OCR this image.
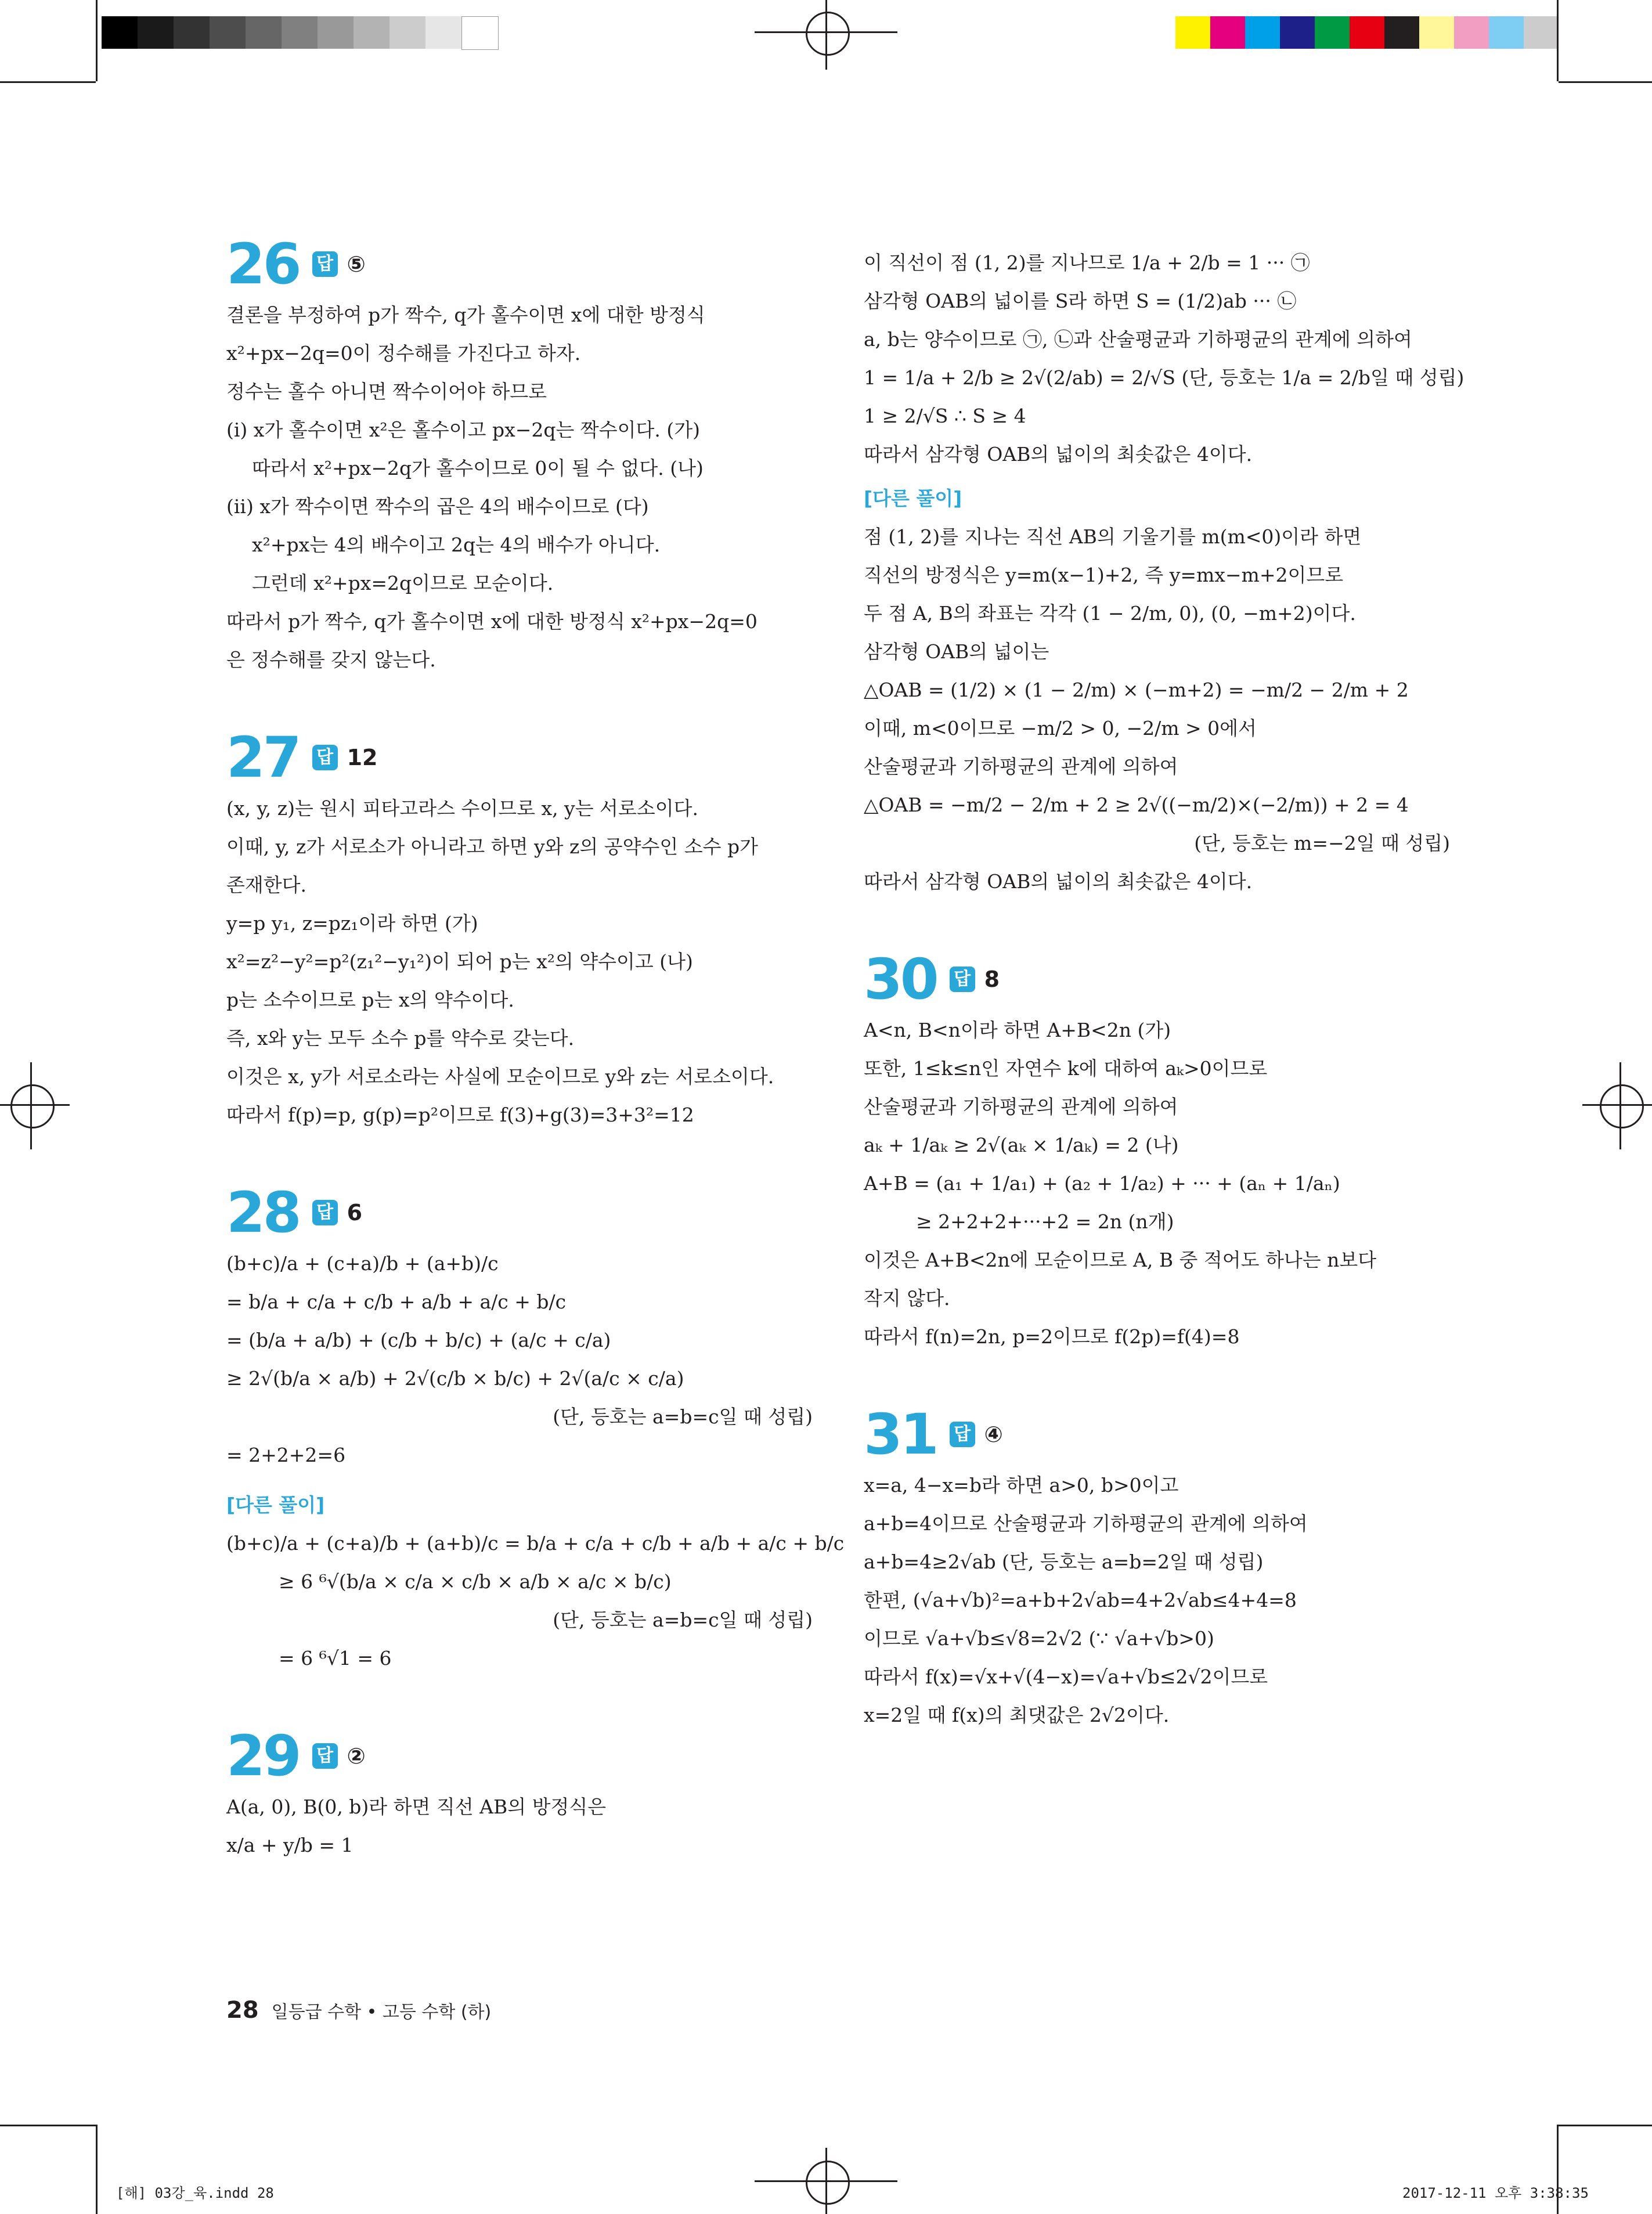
26 답 ⑤
결론을 부정하여 p가 짝수, q가 홀수이면 x에 대한 방정식
x²+px−2q=0이 정수해를 가진다고 하자.
정수는 홀수 아니면 짝수이어야 하므로
(i) x가 홀수이면 x²은 홀수이고 px−2q는 짝수이다. (가)
따라서 x²+px−2q가 홀수이므로 0이 될 수 없다. (나)
(ii) x가 짝수이면 짝수의 곱은 4의 배수이므로 (다)
x²+px는 4의 배수이고 2q는 4의 배수가 아니다.
그런데 x²+px=2q이므로 모순이다.
따라서 p가 짝수, q가 홀수이면 x에 대한 방정식 x²+px−2q=0
은 정수해를 갖지 않는다.
27 답 12
(x, y, z)는 원시 피타고라스 수이므로 x, y는 서로소이다.
이때, y, z가 서로소가 아니라고 하면 y와 z의 공약수인 소수 p가
존재한다.
y=p y₁, z=pz₁이라 하면 (가)
x²=z²−y²=p²(z₁²−y₁²)이 되어 p는 x²의 약수이고 (나)
p는 소수이므로 p는 x의 약수이다.
즉, x와 y는 모두 소수 p를 약수로 갖는다.
이것은 x, y가 서로소라는 사실에 모순이므로 y와 z는 서로소이다.
따라서 f(p)=p, g(p)=p²이므로 f(3)+g(3)=3+3²=12
28 답 6
(b+c)/a + (c+a)/b + (a+b)/c
= b/a + c/a + c/b + a/b + a/c + b/c
= (b/a + a/b) + (c/b + b/c) + (a/c + c/a)
≥ 2√(b/a × a/b) + 2√(c/b × b/c) + 2√(a/c × c/a)
(단, 등호는 a=b=c일 때 성립)
= 2+2+2=6
[다른 풀이]
(b+c)/a + (c+a)/b + (a+b)/c = b/a + c/a + c/b + a/b + a/c + b/c
≥ 6 ⁶√(b/a × c/a × c/b × a/b × a/c × b/c)
(단, 등호는 a=b=c일 때 성립)
= 6 ⁶√1 = 6
29 답 ②
A(a, 0), B(0, b)라 하면 직선 AB의 방정식은
x/a + y/b = 1
이 직선이 점 (1, 2)를 지나므로 1/a + 2/b = 1 ··· ㉠
삼각형 OAB의 넓이를 S라 하면 S = (1/2)ab ··· ㉡
a, b는 양수이므로 ㉠, ㉡과 산술평균과 기하평균의 관계에 의하여
1 = 1/a + 2/b ≥ 2√(2/ab) = 2/√S (단, 등호는 1/a = 2/b일 때 성립)
1 ≥ 2/√S ∴ S ≥ 4
따라서 삼각형 OAB의 넓이의 최솟값은 4이다.
[다른 풀이]
점 (1, 2)를 지나는 직선 AB의 기울기를 m(m<0)이라 하면
직선의 방정식은 y=m(x−1)+2, 즉 y=mx−m+2이므로
두 점 A, B의 좌표는 각각 (1 − 2/m, 0), (0, −m+2)이다.
삼각형 OAB의 넓이는
△OAB = (1/2) × (1 − 2/m) × (−m+2) = −m/2 − 2/m + 2
이때, m<0이므로 −m/2 > 0, −2/m > 0에서
산술평균과 기하평균의 관계에 의하여
△OAB = −m/2 − 2/m + 2 ≥ 2√((−m/2)×(−2/m)) + 2 = 4
(단, 등호는 m=−2일 때 성립)
따라서 삼각형 OAB의 넓이의 최솟값은 4이다.
30 답 8
A<n, B<n이라 하면 A+B<2n (가)
또한, 1≤k≤n인 자연수 k에 대하여 aₖ>0이므로
산술평균과 기하평균의 관계에 의하여
aₖ + 1/aₖ ≥ 2√(aₖ × 1/aₖ) = 2 (나)
A+B = (a₁ + 1/a₁) + (a₂ + 1/a₂) + ··· + (aₙ + 1/aₙ)
≥ 2+2+2+···+2 = 2n (n개)
이것은 A+B<2n에 모순이므로 A, B 중 적어도 하나는 n보다
작지 않다.
따라서 f(n)=2n, p=2이므로 f(2p)=f(4)=8
31 답 ④
x=a, 4−x=b라 하면 a>0, b>0이고
a+b=4이므로 산술평균과 기하평균의 관계에 의하여
a+b=4≥2√ab (단, 등호는 a=b=2일 때 성립)
한편, (√a+√b)²=a+b+2√ab=4+2√ab≤4+4=8
이므로 √a+√b≤√8=2√2 (∵ √a+√b>0)
따라서 f(x)=√x+√(4−x)=√a+√b≤2√2이므로
x=2일 때 f(x)의 최댓값은 2√2이다.
28 일등급 수학 • 고등 수학 (하)
[해] 03강_육.indd 28	2017-12-11 오후 3:38:35
